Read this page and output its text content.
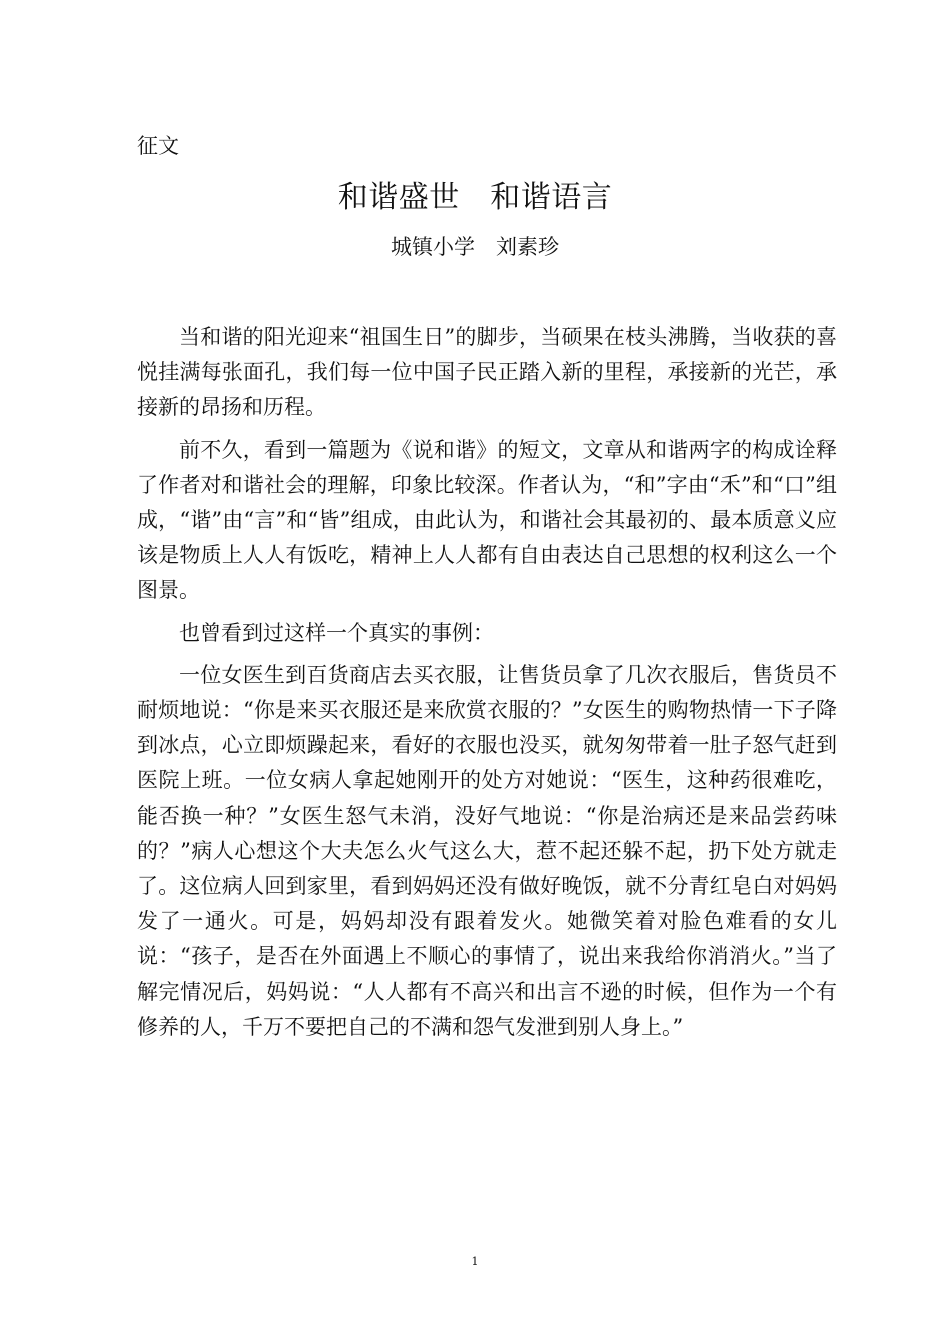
征文
和谐盛世　和谐语言
城镇小学　刘素珍

当和谐的阳光迎来“祖国生日”的脚步，当硕果在枝头沸腾，当收获的喜悦挂满每张面孔，我们每一位中国子民正踏入新的里程，承接新的光芒，承接新的昂扬和历程。

前不久，看到一篇题为《说和谐》的短文，文章从和谐两字的构成诠释了作者对和谐社会的理解，印象比较深。作者认为，“和”字由“禾”和“口”组成，“谐”由“言”和“皆”组成，由此认为，和谐社会其最初的、最本质意义应该是物质上人人有饭吃，精神上人人都有自由表达自己思想的权利这么一个图景。

也曾看到过这样一个真实的事例：

一位女医生到百货商店去买衣服，让售货员拿了几次衣服后，售货员不耐烦地说：“你是来买衣服还是来欣赏衣服的？”女医生的购物热情一下子降到冰点，心立即烦躁起来，看好的衣服也没买，就匆匆带着一肚子怒气赶到医院上班。一位女病人拿起她刚开的处方对她说：“医生，这种药很难吃，能否换一种？”女医生怒气未消，没好气地说：“你是治病还是来品尝药味的？”病人心想这个大夫怎么火气这么大，惹不起还躲不起，扔下处方就走了。这位病人回到家里，看到妈妈还没有做好晚饭，就不分青红皂白对妈妈发了一通火。可是，妈妈却没有跟着发火。她微笑着对脸色难看的女儿说：“孩子，是否在外面遇上不顺心的事情了，说出来我给你消消火。”当了解完情况后，妈妈说：“人人都有不高兴和出言不逊的时候，但作为一个有修养的人，千万不要把自己的不满和怨气发泄到别人身上。”

1
